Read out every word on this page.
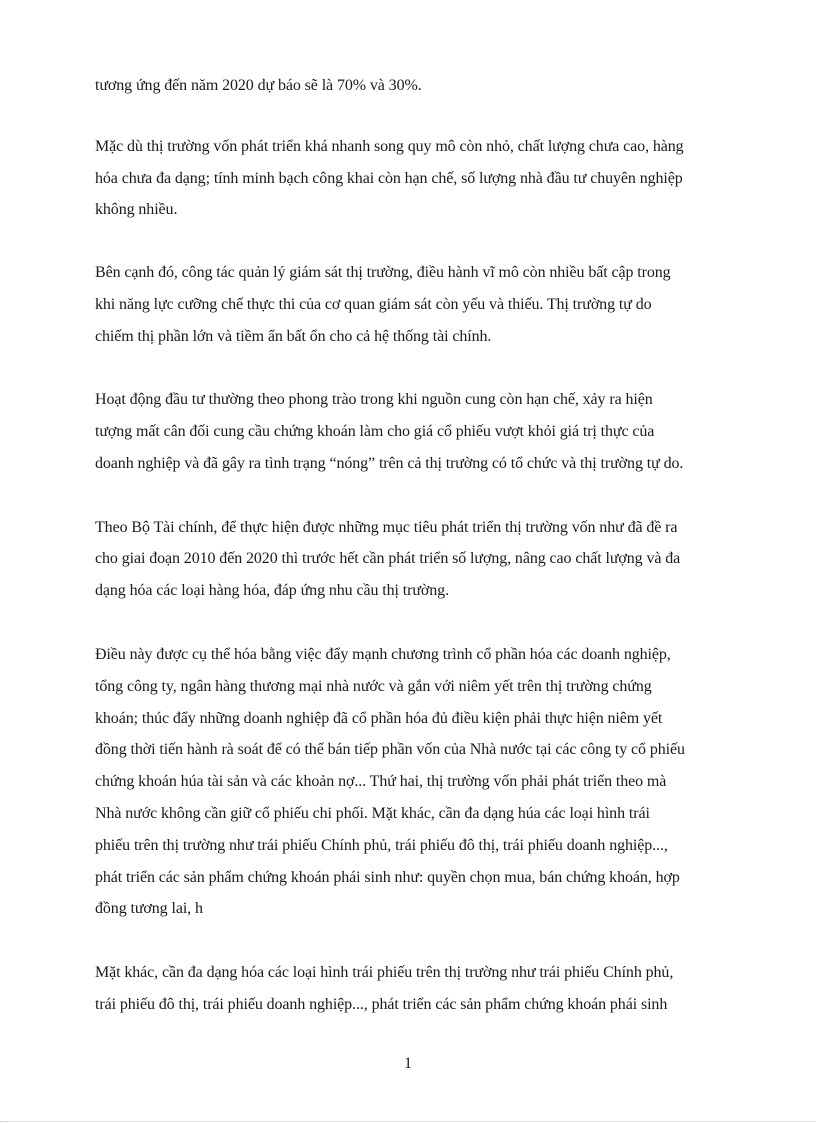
tương ứng đến năm 2020 dự báo sẽ là 70% và 30%.
Mặc dù thị trường vốn phát triển khá nhanh song quy mô còn nhỏ, chất lượng chưa cao, hàng
hóa chưa đa dạng; tính minh bạch công khai còn hạn chế, số lượng nhà đầu tư chuyên nghiệp
không nhiều.
Bên cạnh đó, công tác quản lý giám sát thị trường, điều hành vĩ mô còn nhiều bất cập trong
khi năng lực cưỡng chế thực thi của cơ quan giám sát còn yếu và thiếu. Thị trường tự do
chiếm thị phần lớn và tiềm ẩn bất ổn cho cả hệ thống tài chính.
Hoạt động đầu tư thường theo phong trào trong khi nguồn cung còn hạn chế, xảy ra hiện
tượng mất cân đối cung cầu chứng khoán làm cho giá cổ phiếu vượt khỏi giá trị thực của
doanh nghiệp và đã gây ra tình trạng “nóng” trên cả thị trường có tổ chức và thị trường tự do.
Theo Bộ Tài chính, để thực hiện được những mục tiêu phát triển thị trường vốn như đã đề ra
cho giai đoạn 2010 đến 2020 thì trước hết cần phát triển số lượng, nâng cao chất lượng và đa
dạng hóa các loại hàng hóa, đáp ứng nhu cầu thị trường.
Điều này được cụ thể hóa bằng việc đẩy mạnh chương trình cổ phần hóa các doanh nghiệp,
tổng công ty, ngân hàng thương mại nhà nước và gắn với niêm yết trên thị trường chứng
khoán; thúc đẩy những doanh nghiệp đã cổ phần hóa đủ điều kiện phải thực hiện niêm yết
đồng thời tiến hành rà soát để có thể bán tiếp phần vốn của Nhà nước tại các công ty cổ phiếu
chứng khoán húa tài sản và các khoản nợ... Thứ hai, thị trường vốn phải phát triển theo mà
Nhà nước không cần giữ cổ phiếu chi phối. Mặt khác, cần đa dạng húa các loại hình trái
phiếu trên thị trường như trái phiếu Chính phủ, trái phiếu đô thị, trái phiếu doanh nghiệp...,
phát triển các sản phẩm chứng khoán phái sinh như: quyền chọn mua, bán chứng khoán, hợp
đồng tương lai, h
Mặt khác, cần đa dạng hóa các loại hình trái phiếu trên thị trường như trái phiếu Chính phủ,
trái phiếu đô thị, trái phiếu doanh nghiệp..., phát triển các sản phẩm chứng khoán phái sinh
1
